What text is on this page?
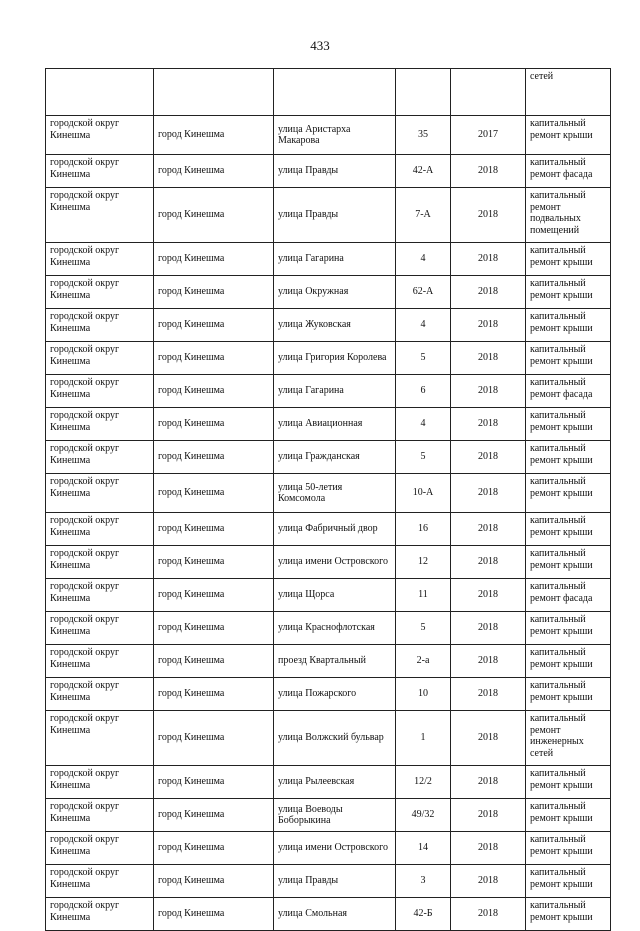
433
					сетей
городской округ Кинешма	город Кинешма	улица Аристарха Макарова	35	2017	капитальный ремонт крыши
городской округ Кинешма	город Кинешма	улица Правды	42-А	2018	капитальный ремонт фасада
городской округ Кинешма	город Кинешма	улица Правды	7-А	2018	капитальный ремонт подвальных помещений
городской округ Кинешма	город Кинешма	улица Гагарина	4	2018	капитальный ремонт крыши
городской округ Кинешма	город Кинешма	улица Окружная	62-А	2018	капитальный ремонт крыши
городской округ Кинешма	город Кинешма	улица Жуковская	4	2018	капитальный ремонт крыши
городской округ Кинешма	город Кинешма	улица Григория Королева	5	2018	капитальный ремонт крыши
городской округ Кинешма	город Кинешма	улица Гагарина	6	2018	капитальный ремонт фасада
городской округ Кинешма	город Кинешма	улица Авиационная	4	2018	капитальный ремонт крыши
городской округ Кинешма	город Кинешма	улица Гражданская	5	2018	капитальный ремонт крыши
городской округ Кинешма	город Кинешма	улица 50-летия Комсомола	10-А	2018	капитальный ремонт крыши
городской округ Кинешма	город Кинешма	улица Фабричный двор	16	2018	капитальный ремонт крыши
городской округ Кинешма	город Кинешма	улица имени Островского	12	2018	капитальный ремонт крыши
городской округ Кинешма	город Кинешма	улица Щорса	11	2018	капитальный ремонт фасада
городской округ Кинешма	город Кинешма	улица Краснофлотская	5	2018	капитальный ремонт крыши
городской округ Кинешма	город Кинешма	проезд Квартальный	2-а	2018	капитальный ремонт крыши
городской округ Кинешма	город Кинешма	улица Пожарского	10	2018	капитальный ремонт крыши
городской округ Кинешма	город Кинешма	улица Волжский бульвар	1	2018	капитальный ремонт инженерных сетей
городской округ Кинешма	город Кинешма	улица Рылеевская	12/2	2018	капитальный ремонт крыши
городской округ Кинешма	город Кинешма	улица Воеводы Боборыкина	49/32	2018	капитальный ремонт крыши
городской округ Кинешма	город Кинешма	улица имени Островского	14	2018	капитальный ремонт крыши
городской округ Кинешма	город Кинешма	улица Правды	3	2018	капитальный ремонт крыши
городской округ Кинешма	город Кинешма	улица Смольная	42-Б	2018	капитальный ремонт крыши
